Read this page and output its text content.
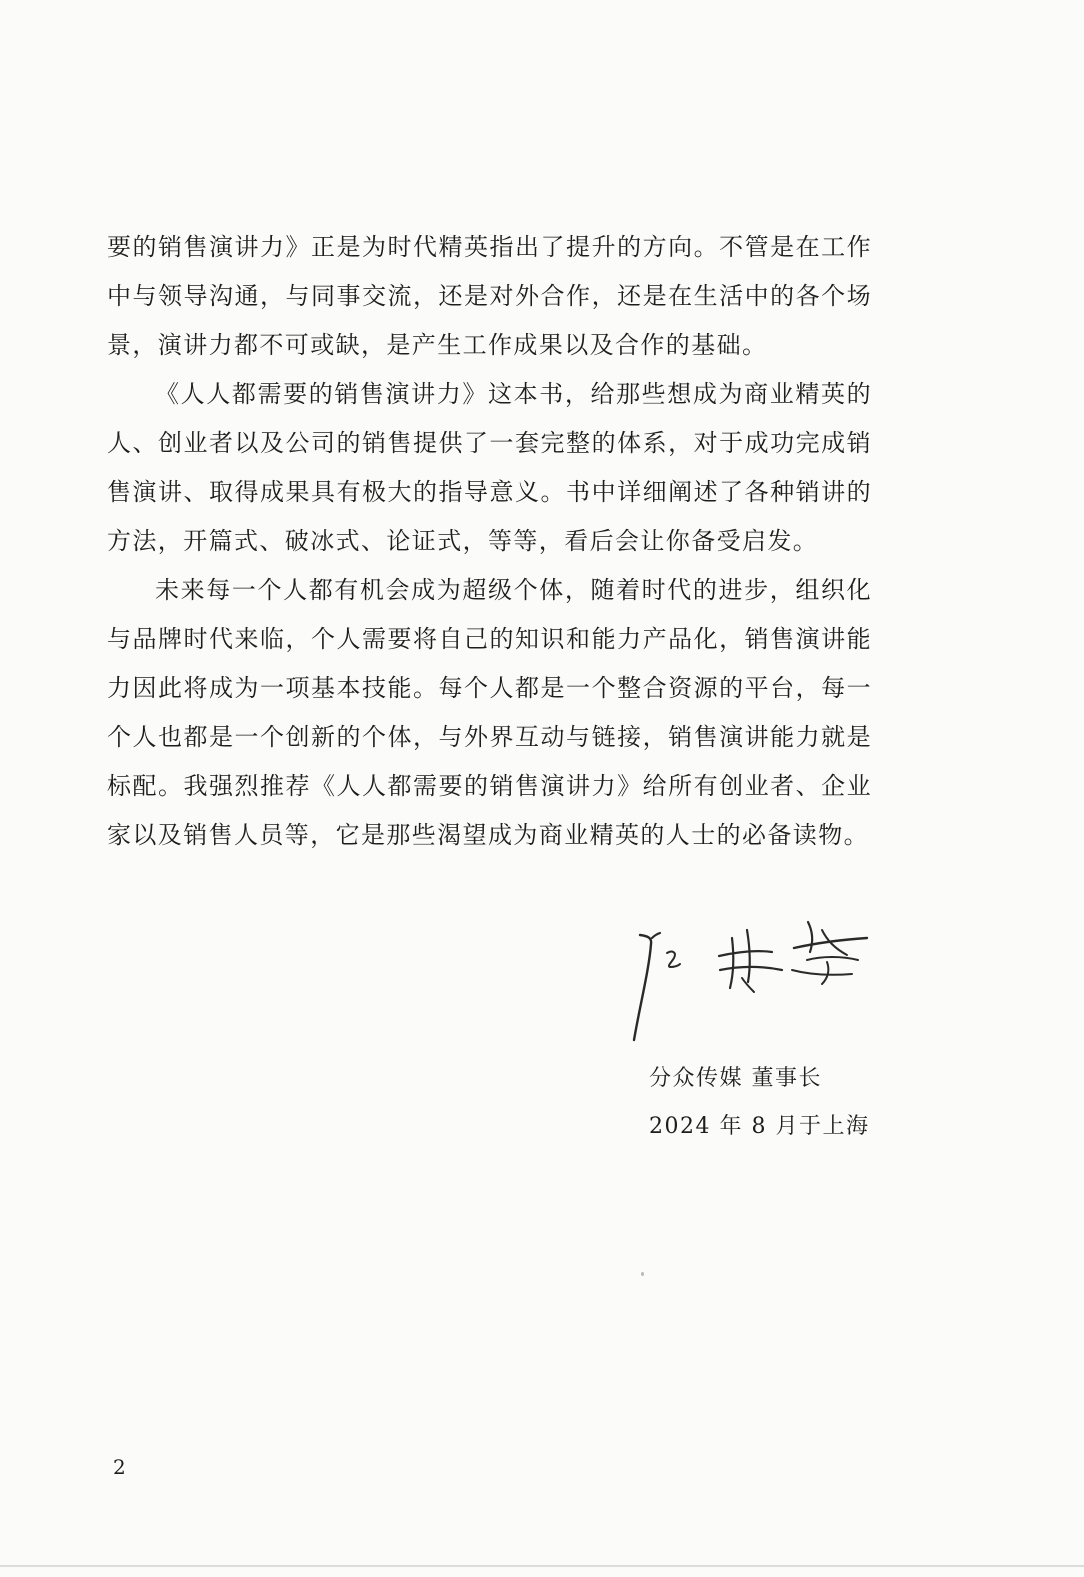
要的销售演讲力》正是为时代精英指出了提升的方向。不管是在工作中与领导沟通，与同事交流，还是对外合作，还是在生活中的各个场景，演讲力都不可或缺，是产生工作成果以及合作的基础。

《人人都需要的销售演讲力》这本书，给那些想成为商业精英的人、创业者以及公司的销售提供了一套完整的体系，对于成功完成销售演讲、取得成果具有极大的指导意义。书中详细阐述了各种销讲的方法，开篇式、破冰式、论证式，等等，看后会让你备受启发。

未来每一个人都有机会成为超级个体，随着时代的进步，组织化与品牌时代来临，个人需要将自己的知识和能力产品化，销售演讲能力因此将成为一项基本技能。每个人都是一个整合资源的平台，每一个人也都是一个创新的个体，与外界互动与链接，销售演讲能力就是标配。我强烈推荐《人人都需要的销售演讲力》给所有创业者、企业家以及销售人员等，它是那些渴望成为商业精英的人士的必备读物。

分众传媒 董事长
2024 年 8 月于上海
2
